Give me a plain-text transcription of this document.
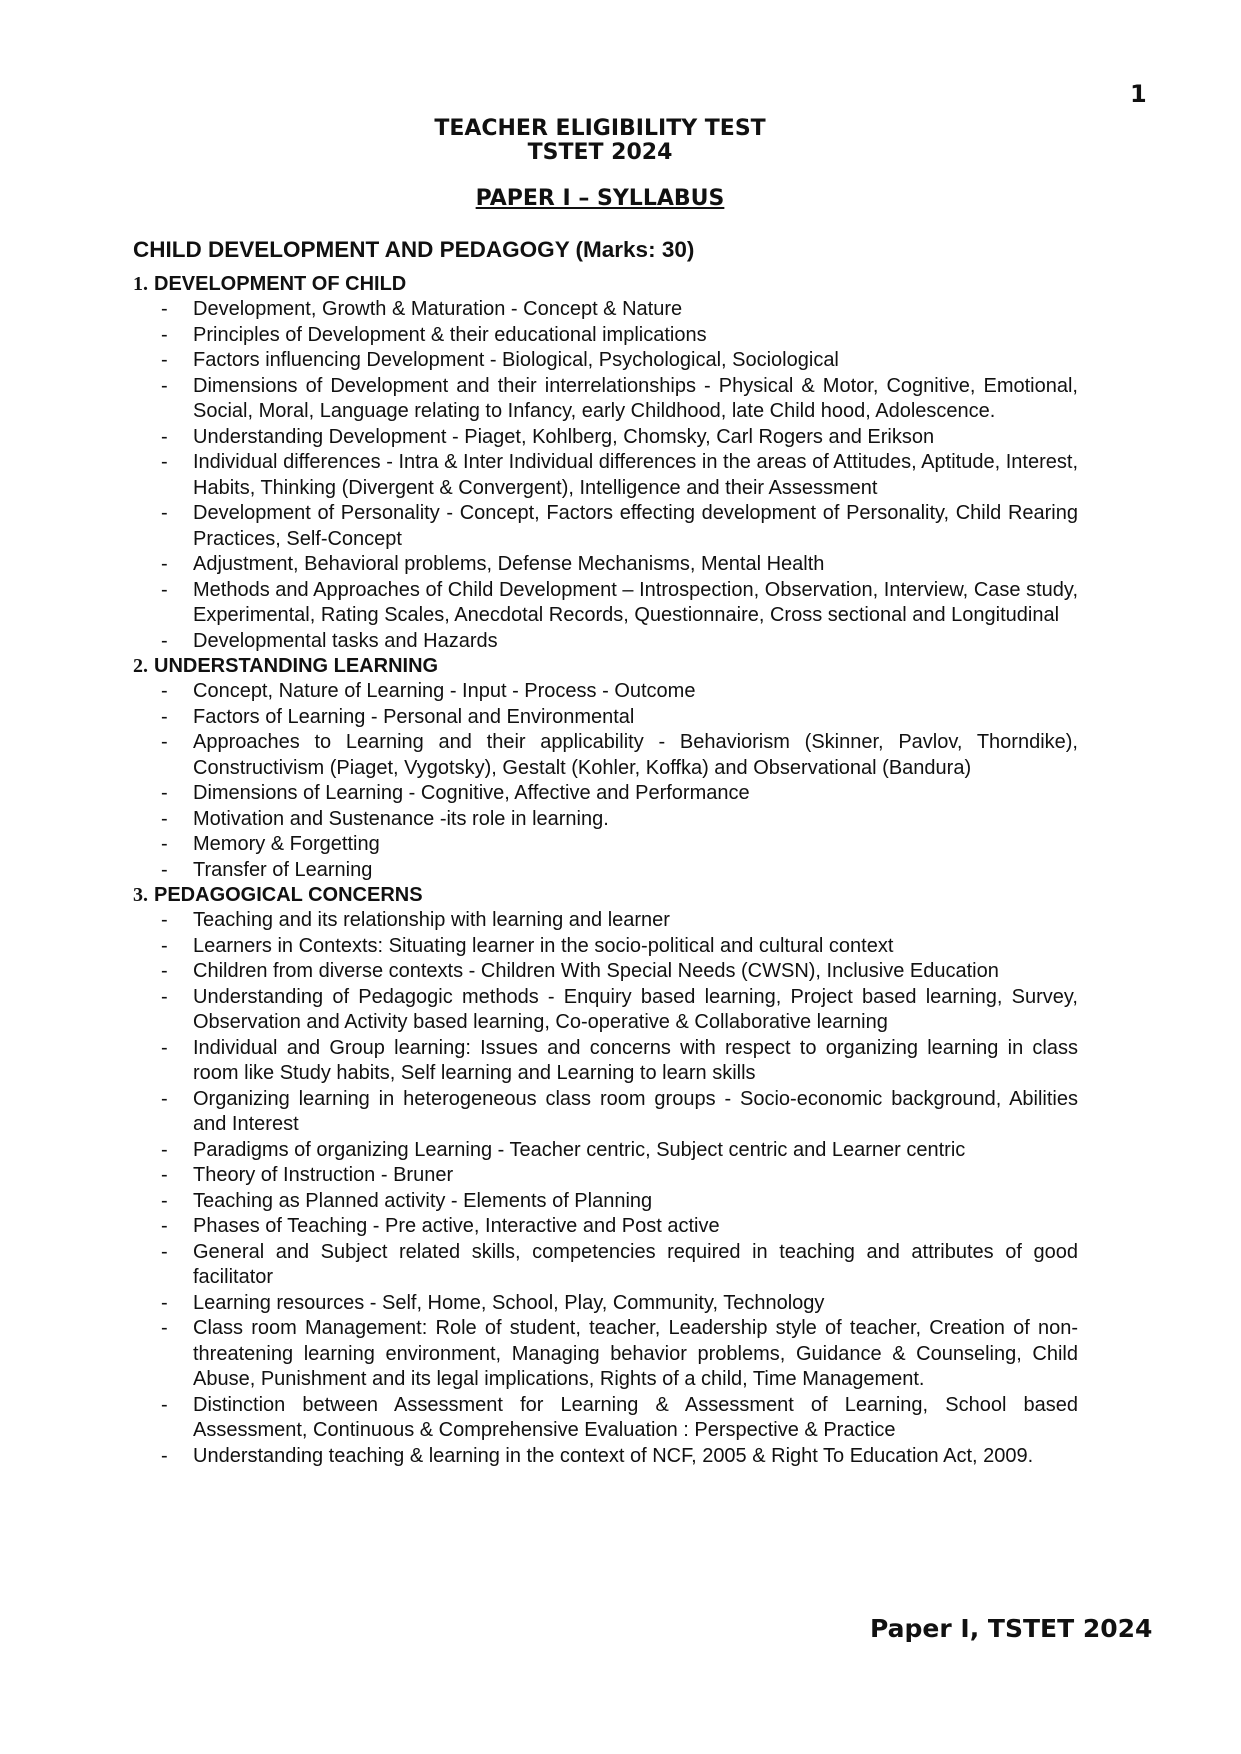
1
TEACHER ELIGIBILITY TEST
TSTET 2024
PAPER I – SYLLABUS
CHILD DEVELOPMENT AND PEDAGOGY (Marks: 30)
1. DEVELOPMENT OF CHILD
- Development, Growth & Maturation - Concept & Nature
- Principles of Development & their educational implications
- Factors influencing Development - Biological, Psychological, Sociological
- Dimensions of Development and their interrelationships - Physical & Motor, Cognitive, Emotional, Social, Moral, Language relating to Infancy, early Childhood, late Child hood, Adolescence.
- Understanding Development - Piaget, Kohlberg, Chomsky, Carl Rogers and Erikson
- Individual differences - Intra & Inter Individual differences in the areas of Attitudes, Aptitude, Interest, Habits, Thinking (Divergent & Convergent), Intelligence and their Assessment
- Development of Personality - Concept, Factors effecting development of Personality, Child Rearing Practices, Self-Concept
- Adjustment, Behavioral problems, Defense Mechanisms, Mental Health
- Methods and Approaches of Child Development – Introspection, Observation, Interview, Case study, Experimental, Rating Scales, Anecdotal Records, Questionnaire, Cross sectional and Longitudinal
- Developmental tasks and Hazards
2. UNDERSTANDING LEARNING
- Concept, Nature of Learning - Input - Process - Outcome
- Factors of Learning - Personal and Environmental
- Approaches to Learning and their applicability - Behaviorism (Skinner, Pavlov, Thorndike), Constructivism (Piaget, Vygotsky), Gestalt (Kohler, Koffka) and Observational (Bandura)
- Dimensions of Learning - Cognitive, Affective and Performance
- Motivation and Sustenance -its role in learning.
- Memory & Forgetting
- Transfer of Learning
3. PEDAGOGICAL CONCERNS
- Teaching and its relationship with learning and learner
- Learners in Contexts: Situating learner in the socio-political and cultural context
- Children from diverse contexts - Children With Special Needs (CWSN), Inclusive Education
- Understanding of Pedagogic methods - Enquiry based learning, Project based learning, Survey, Observation and Activity based learning, Co-operative & Collaborative learning
- Individual and Group learning: Issues and concerns with respect to organizing learning in class room like Study habits, Self learning and Learning to learn skills
- Organizing learning in heterogeneous class room groups - Socio-economic background, Abilities and Interest
- Paradigms of organizing Learning - Teacher centric, Subject centric and Learner centric
- Theory of Instruction - Bruner
- Teaching as Planned activity - Elements of Planning
- Phases of Teaching - Pre active, Interactive and Post active
- General and Subject related skills, competencies required in teaching and attributes of good facilitator
- Learning resources - Self, Home, School, Play, Community, Technology
- Class room Management: Role of student, teacher, Leadership style of teacher, Creation of non-threatening learning environment, Managing behavior problems, Guidance & Counseling, Child Abuse, Punishment and its legal implications, Rights of a child, Time Management.
- Distinction between Assessment for Learning & Assessment of Learning, School based Assessment, Continuous & Comprehensive Evaluation : Perspective & Practice
- Understanding teaching & learning in the context of NCF, 2005 & Right To Education Act, 2009.
Paper I, TSTET 2024
